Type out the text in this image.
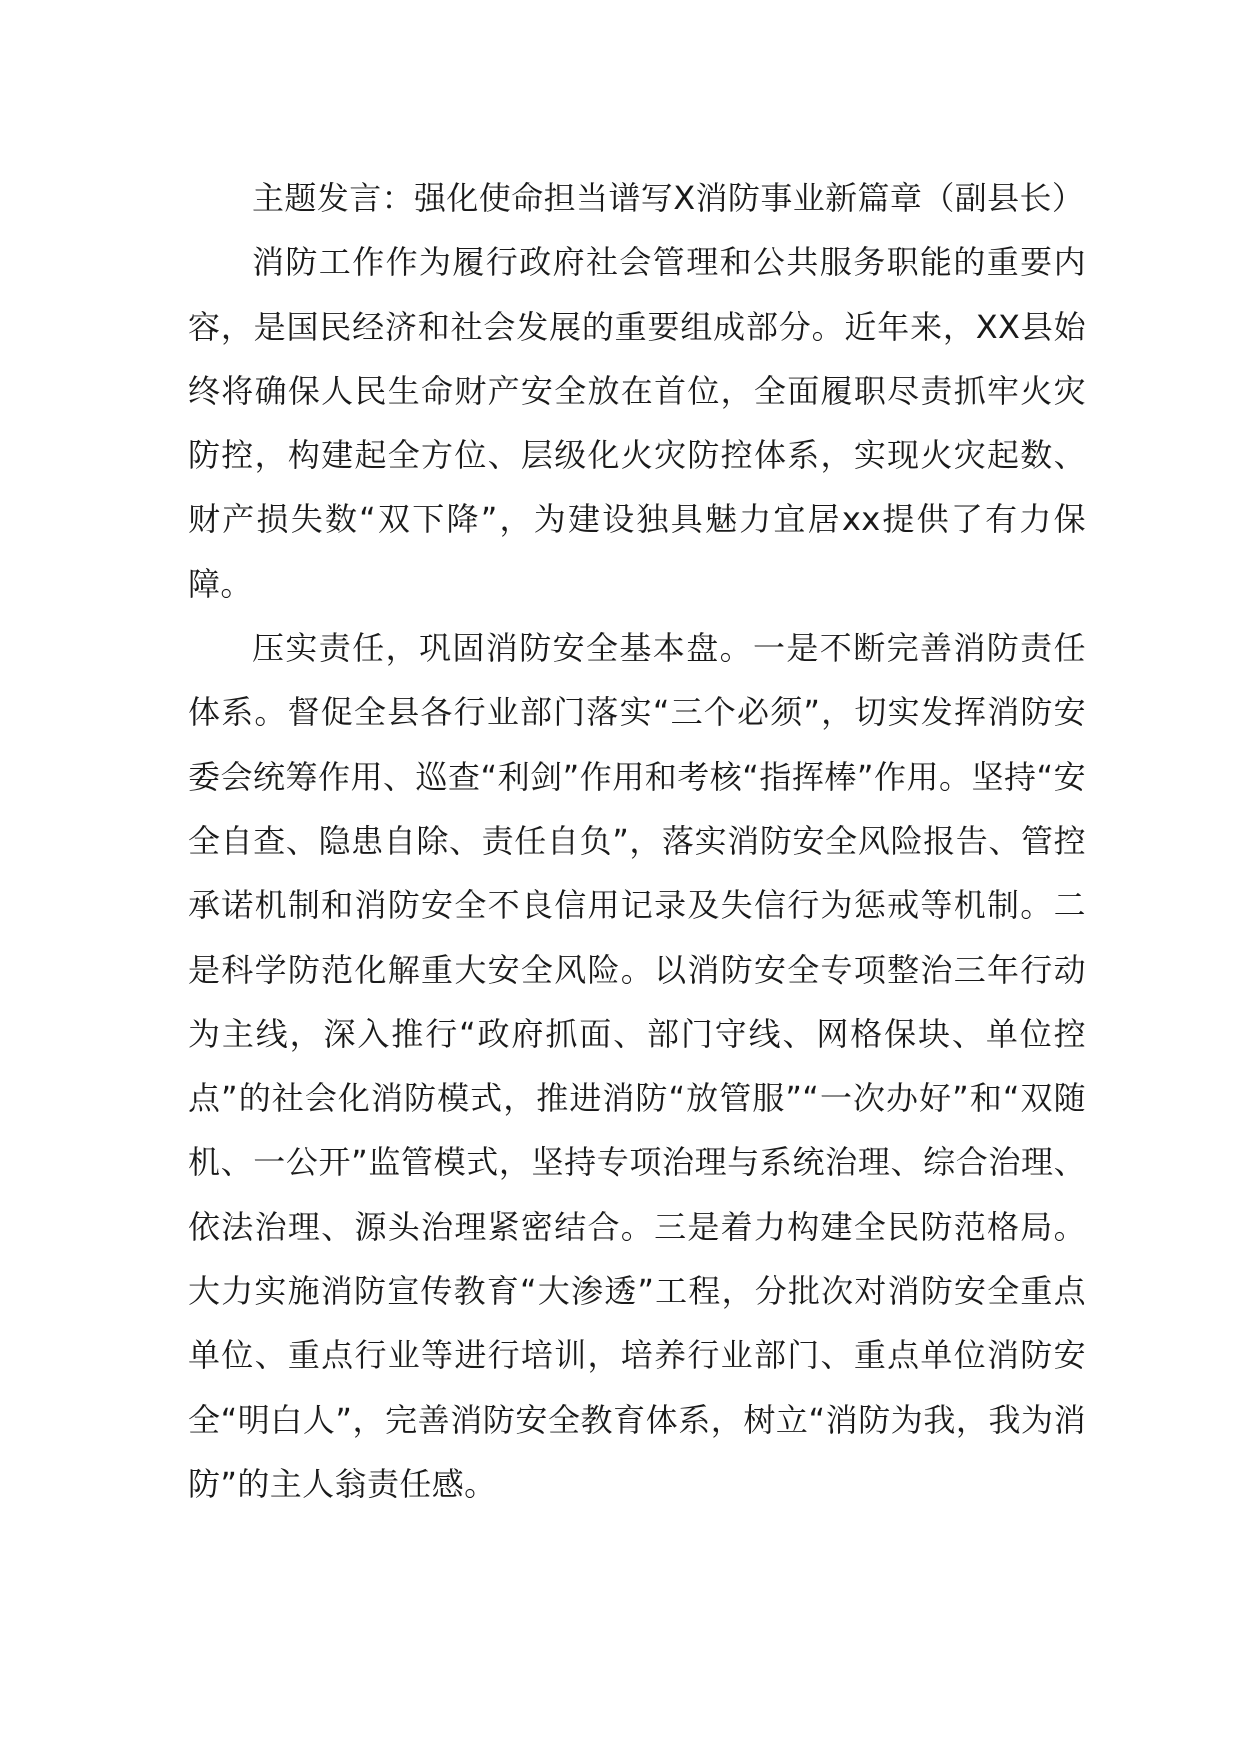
主题发言：强化使命担当谱写X消防事业新篇章（副县长）

消防工作作为履行政府社会管理和公共服务职能的重要内容，是国民经济和社会发展的重要组成部分。近年来，XX县始终将确保人民生命财产安全放在首位，全面履职尽责抓牢火灾防控，构建起全方位、层级化火灾防控体系，实现火灾起数、财产损失数“双下降”，为建设独具魅力宜居xx提供了有力保障。

压实责任，巩固消防安全基本盘。一是不断完善消防责任体系。督促全县各行业部门落实“三个必须”，切实发挥消防安委会统筹作用、巡查“利剑”作用和考核“指挥棒”作用。坚持“安全自查、隐患自除、责任自负”，落实消防安全风险报告、管控承诺机制和消防安全不良信用记录及失信行为惩戒等机制。二是科学防范化解重大安全风险。以消防安全专项整治三年行动为主线，深入推行“政府抓面、部门守线、网格保块、单位控点”的社会化消防模式，推进消防“放管服”“一次办好”和“双随机、一公开”监管模式，坚持专项治理与系统治理、综合治理、依法治理、源头治理紧密结合。三是着力构建全民防范格局。大力实施消防宣传教育“大渗透”工程，分批次对消防安全重点单位、重点行业等进行培训，培养行业部门、重点单位消防安全“明白人”，完善消防安全教育体系，树立“消防为我，我为消防”的主人翁责任感。
